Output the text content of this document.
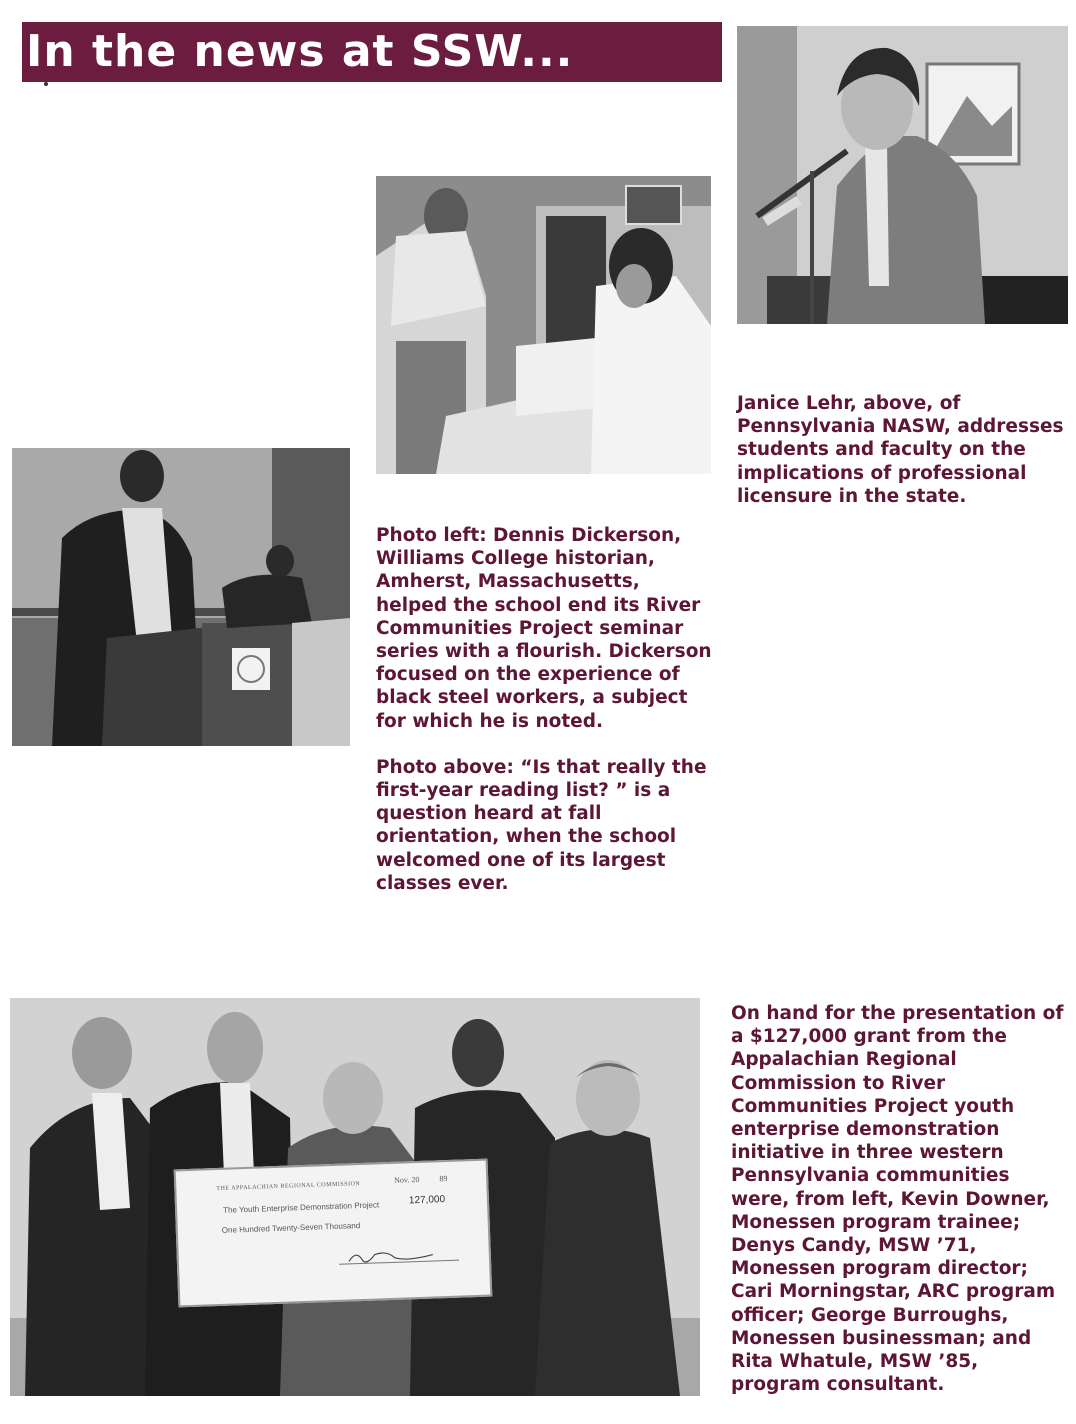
In the news at SSW...
THE APPALACHIAN REGIONAL COMMISSION
Nov. 20 89
The Youth Enterprise Demonstration Project
127,000
One Hundred Twenty-Seven Thousand

Janice Lehr, above, of Pennsylvania NASW, addresses students and faculty on the implications of professional licensure in the state.

Photo left: Dennis Dickerson, Williams College historian, Amherst, Massachusetts, helped the school end its River Communities Project seminar series with a flourish. Dickerson focused on the experience of black steel workers, a subject for which he is noted.

Photo above: “Is that really the first-year reading list? ” is a question heard at fall orientation, when the school welcomed one of its largest classes ever.

On hand for the presentation of a $127,000 grant from the Appalachian Regional Commission to River Communities Project youth enterprise demonstration initiative in three western Pennsylvania communities were, from left, Kevin Downer, Monessen program trainee; Denys Candy, MSW ’71, Monessen program director; Cari Morningstar, ARC program officer; George Burroughs, Monessen businessman; and Rita Whatule, MSW ’85, program consultant.
